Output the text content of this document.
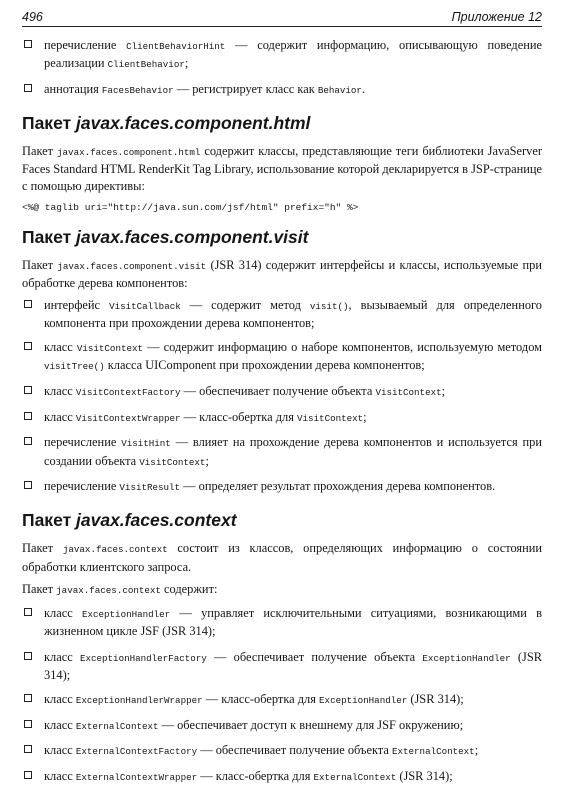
496	Приложение 12
перечисление ClientBehaviorHint — содержит информацию, описывающую поведение реализации ClientBehavior;
аннотация FacesBehavior — регистрирует класс как Behavior.
Пакет javax.faces.component.html

Пакет javax.faces.component.html содержит классы, представляющие теги библиотеки JavaServer Faces Standard HTML RenderKit Tag Library, использование которой декларируется в JSP-странице с помощью директивы:

<%@ taglib uri="http://java.sun.com/jsf/html" prefix="h" %>
Пакет javax.faces.component.visit

Пакет javax.faces.component.visit (JSR 314) содержит интерфейсы и классы, используемые при обработке дерева компонентов:

интерфейс VisitCallback — содержит метод visit(), вызываемый для определенного компонента при прохождении дерева компонентов;
класс VisitContext — содержит информацию о наборе компонентов, используемую методом visitTree() класса UIComponent при прохождении дерева компонентов;
класс VisitContextFactory — обеспечивает получение объекта VisitContext;
класс VisitContextWrapper — класс-обертка для VisitContext;
перечисление VisitHint — влияет на прохождение дерева компонентов и используется при создании объекта VisitContext;
перечисление VisitResult — определяет результат прохождения дерева компонентов.
Пакет javax.faces.context

Пакет javax.faces.context состоит из классов, определяющих информацию о состоянии обработки клиентского запроса.

Пакет javax.faces.context содержит:

класс ExceptionHandler — управляет исключительными ситуациями, возникающими в жизненном цикле JSF (JSR 314);
класс ExceptionHandlerFactory — обеспечивает получение объекта ExceptionHandler (JSR 314);
класс ExceptionHandlerWrapper — класс-обертка для ExceptionHandler (JSR 314);
класс ExternalContext — обеспечивает доступ к внешнему для JSF окружению;
класс ExternalContextFactory — обеспечивает получение объекта ExternalContext;
класс ExternalContextWrapper — класс-обертка для ExternalContext (JSR 314);
